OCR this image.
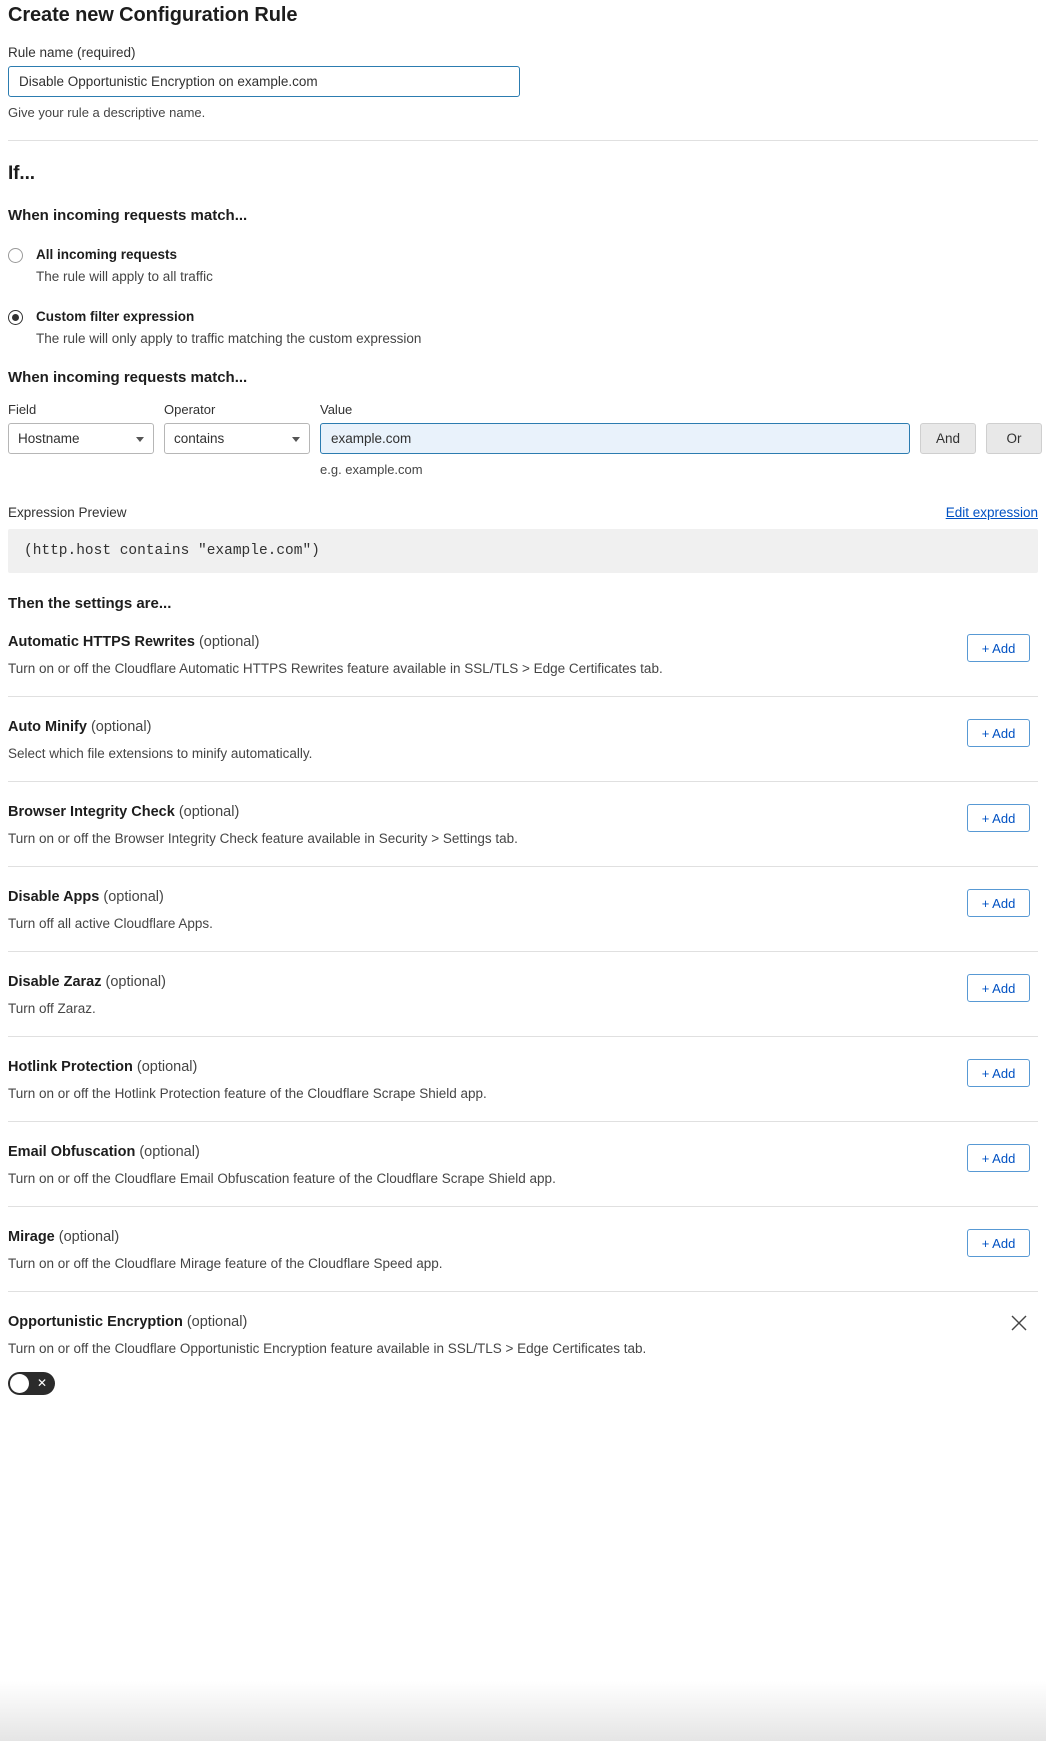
Create new Configuration Rule
Rule name (required)
Disable Opportunistic Encryption on example.com
Give your rule a descriptive name.
If...
When incoming requests match...
All incoming requests
The rule will apply to all traffic
Custom filter expression
The rule will only apply to traffic matching the custom expression
When incoming requests match...
Field
Hostname
Operator
contains
Value
example.com
e.g. example.com
And	Or
Expression Preview	Edit expression
(http.host contains "example.com")
Then the settings are...
Automatic HTTPS Rewrites (optional)
Turn on or off the Cloudflare Automatic HTTPS Rewrites feature available in SSL/TLS > Edge Certificates tab.
+ Add
Auto Minify (optional)
Select which file extensions to minify automatically.
+ Add
Browser Integrity Check (optional)
Turn on or off the Browser Integrity Check feature available in Security > Settings tab.
+ Add
Disable Apps (optional)
Turn off all active Cloudflare Apps.
+ Add
Disable Zaraz (optional)
Turn off Zaraz.
+ Add
Hotlink Protection (optional)
Turn on or off the Hotlink Protection feature of the Cloudflare Scrape Shield app.
+ Add
Email Obfuscation (optional)
Turn on or off the Cloudflare Email Obfuscation feature of the Cloudflare Scrape Shield app.
+ Add
Mirage (optional)
Turn on or off the Cloudflare Mirage feature of the Cloudflare Speed app.
+ Add
Opportunistic Encryption (optional)
Turn on or off the Cloudflare Opportunistic Encryption feature available in SSL/TLS > Edge Certificates tab.
✕
